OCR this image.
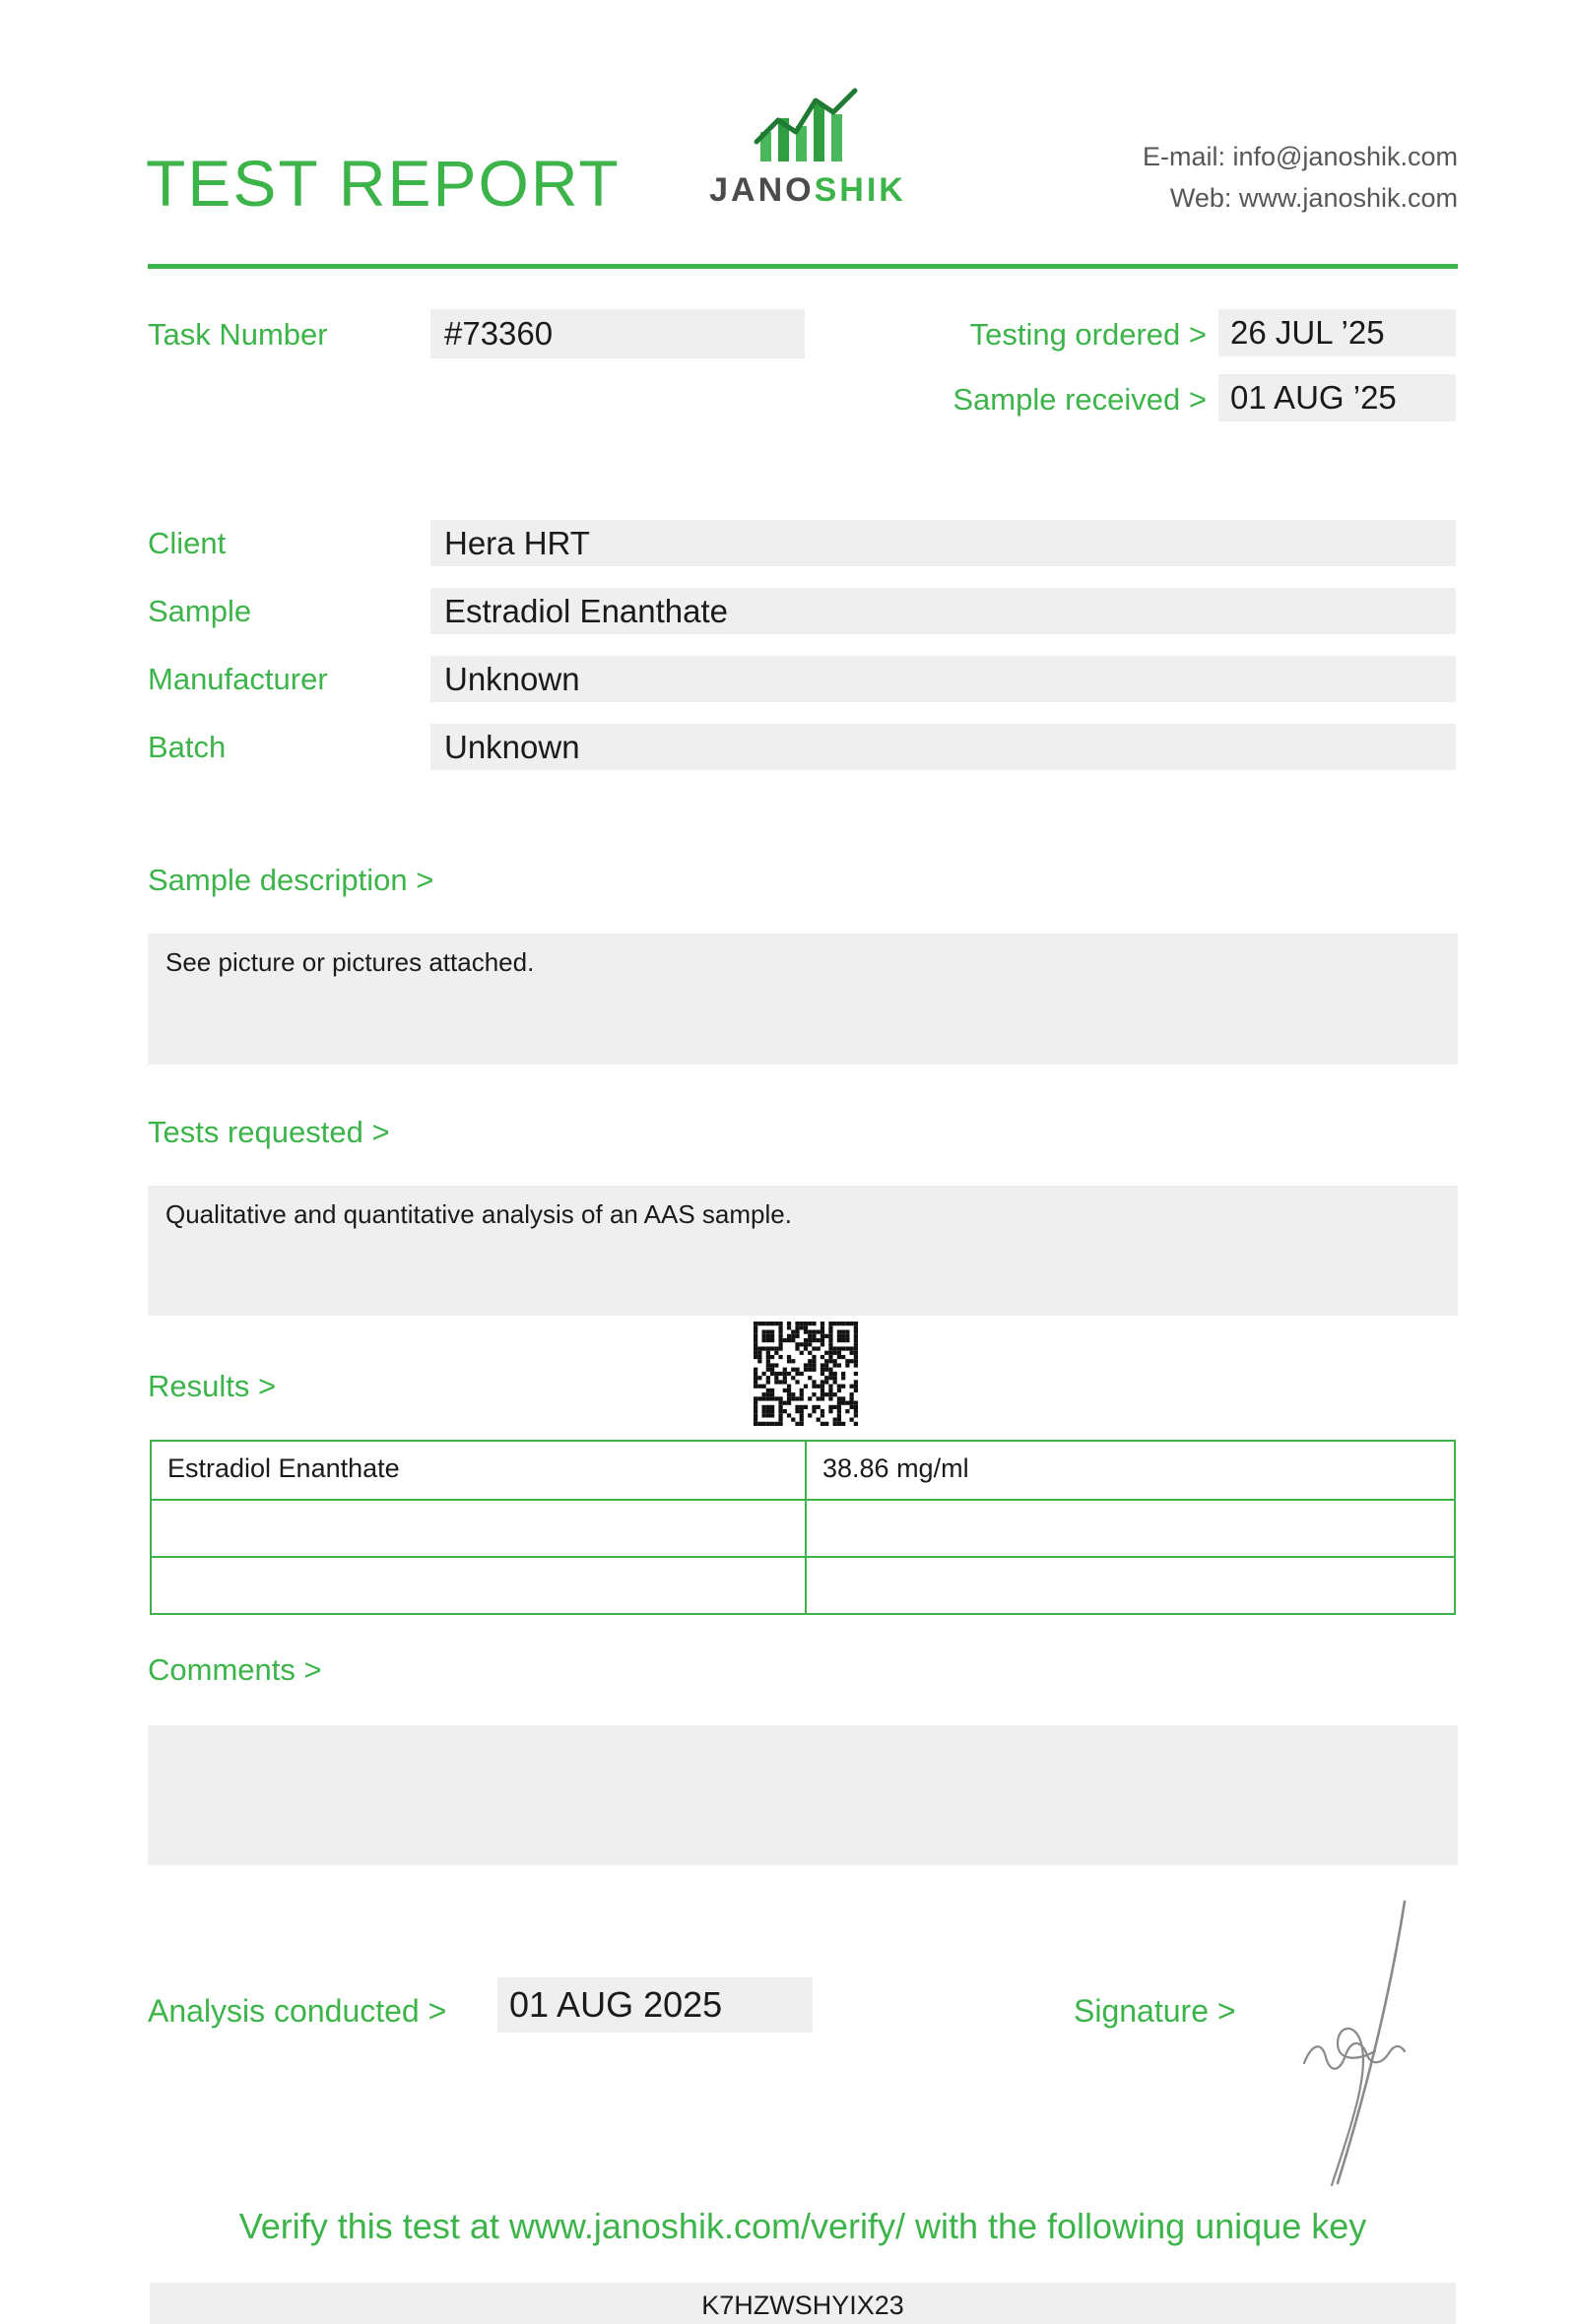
TEST REPORT	JANOSHIK
E-mail: info@janoshik.com
Web: www.janoshik.com
Task Number	#73360	Testing ordered > 26 JUL ’25
Sample received > 01 AUG ’25
Client	Hera HRT
Sample	Estradiol Enanthate
Manufacturer	Unknown
Batch	Unknown
Sample description >
See picture or pictures attached.
Tests requested >
Qualitative and quantitative analysis of an AAS sample.
Results >
Estradiol Enanthate	38.86 mg/ml
Comments >
Analysis conducted >	01 AUG 2025	Signature >
Verify this test at www.janoshik.com/verify/ with the following unique key
K7HZWSHYIX23
